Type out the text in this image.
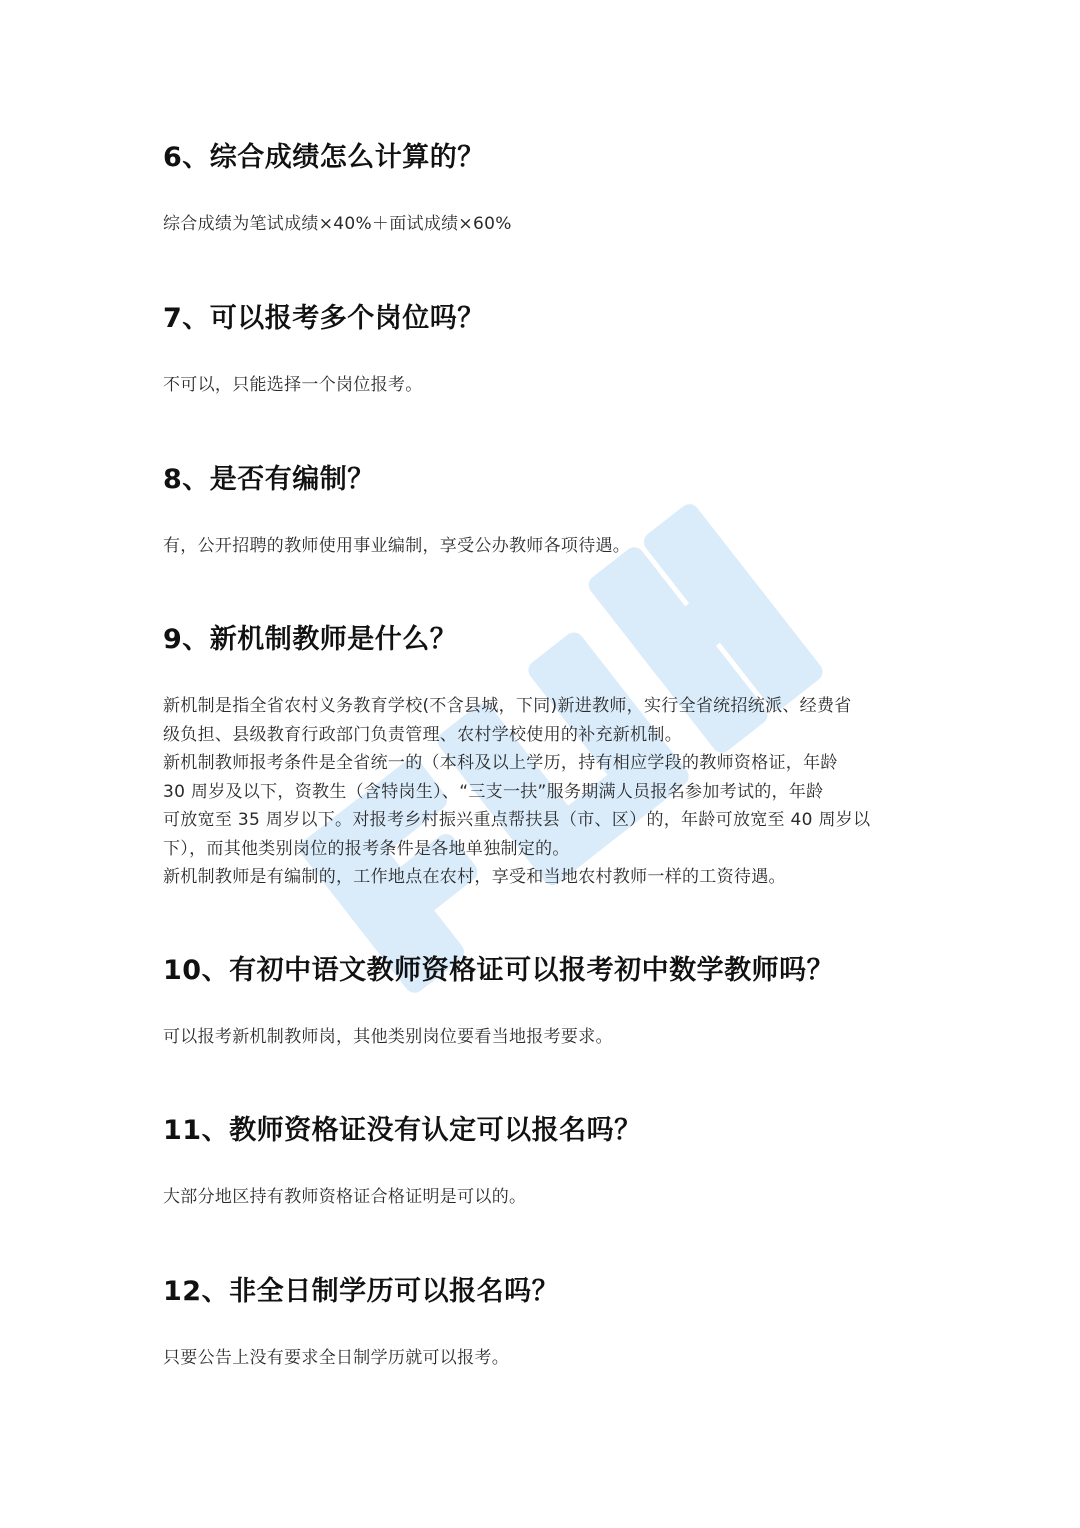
6、综合成绩怎么计算的？

综合成绩为笔试成绩×40%＋面试成绩×60%

7、可以报考多个岗位吗？

不可以，只能选择一个岗位报考。

8、是否有编制？

有，公开招聘的教师使用事业编制，享受公办教师各项待遇。

9、新机制教师是什么？

新机制是指全省农村义务教育学校(不含县城，下同)新进教师，实行全省统招统派、经费省
级负担、县级教育行政部门负责管理、农村学校使用的补充新机制。
新机制教师报考条件是全省统一的（本科及以上学历，持有相应学段的教师资格证，年龄
30 周岁及以下，资教生（含特岗生）、“三支一扶”服务期满人员报名参加考试的，年龄
可放宽至 35 周岁以下。对报考乡村振兴重点帮扶县（市、区）的，年龄可放宽至 40 周岁以
下），而其他类别岗位的报考条件是各地单独制定的。
新机制教师是有编制的，工作地点在农村，享受和当地农村教师一样的工资待遇。

10、有初中语文教师资格证可以报考初中数学教师吗？

可以报考新机制教师岗，其他类别岗位要看当地报考要求。

11、教师资格证没有认定可以报名吗？

大部分地区持有教师资格证合格证明是可以的。

12、非全日制学历可以报名吗？

只要公告上没有要求全日制学历就可以报考。
